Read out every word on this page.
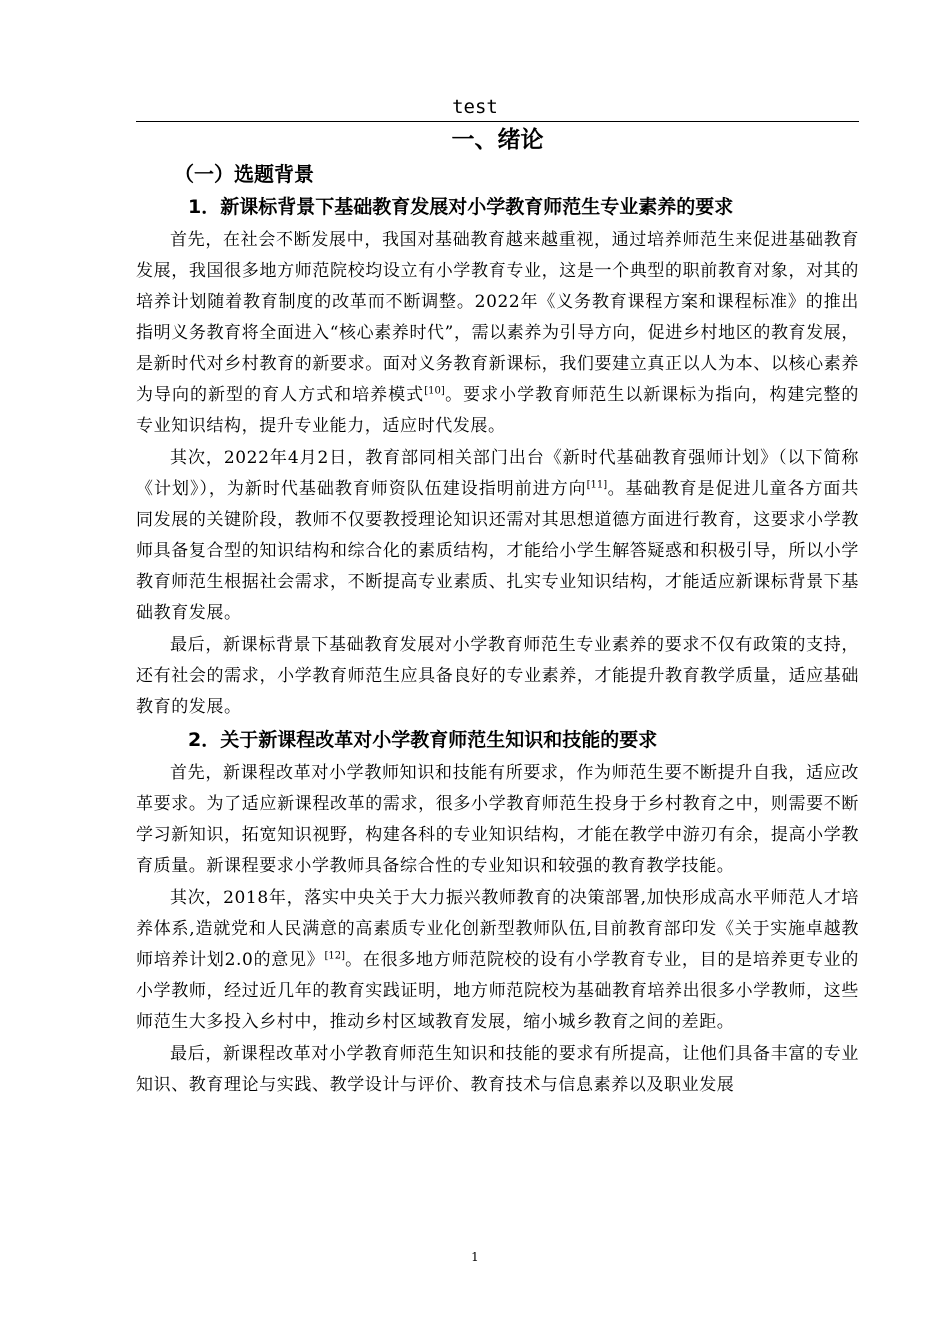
test
一、绪论
（一）选题背景
1．新课标背景下基础教育发展对小学教育师范生专业素养的要求

首先，在社会不断发展中，我国对基础教育越来越重视，通过培养师范生来促进基础教育发展，我国很多地方师范院校均设立有小学教育专业，这是一个典型的职前教育对象，对其的培养计划随着教育制度的改革而不断调整。2022年《义务教育课程方案和课程标准》的推出指明义务教育将全面进入“核心素养时代”，需以素养为引导方向，促进乡村地区的教育发展，是新时代对乡村教育的新要求。面对义务教育新课标，我们要建立真正以人为本、以核心素养为导向的新型的育人方式和培养模式[10]。要求小学教育师范生以新课标为指向，构建完整的专业知识结构，提升专业能力，适应时代发展。

其次，2022年4月2日，教育部同相关部门出台《新时代基础教育强师计划》（以下简称《计划》），为新时代基础教育师资队伍建设指明前进方向[11]。基础教育是促进儿童各方面共同发展的关键阶段，教师不仅要教授理论知识还需对其思想道德方面进行教育，这要求小学教师具备复合型的知识结构和综合化的素质结构，才能给小学生解答疑惑和积极引导，所以小学教育师范生根据社会需求，不断提高专业素质、扎实专业知识结构，才能适应新课标背景下基础教育发展。

最后，新课标背景下基础教育发展对小学教育师范生专业素养的要求不仅有政策的支持，还有社会的需求，小学教育师范生应具备良好的专业素养，才能提升教育教学质量，适应基础教育的发展。

2．关于新课程改革对小学教育师范生知识和技能的要求

首先，新课程改革对小学教师知识和技能有所要求，作为师范生要不断提升自我，适应改革要求。为了适应新课程改革的需求，很多小学教育师范生投身于乡村教育之中，则需要不断学习新知识，拓宽知识视野，构建各科的专业知识结构，才能在教学中游刃有余，提高小学教育质量。新课程要求小学教师具备综合性的专业知识和较强的教育教学技能。

其次，2018年，落实中央关于大力振兴教师教育的决策部署,加快形成高水平师范人才培养体系,造就党和人民满意的高素质专业化创新型教师队伍,目前教育部印发《关于实施卓越教师培养计划2.0的意见》[12]。在很多地方师范院校的设有小学教育专业，目的是培养更专业的小学教师，经过近几年的教育实践证明，地方师范院校为基础教育培养出很多小学教师，这些师范生大多投入乡村中，推动乡村区域教育发展，缩小城乡教育之间的差距。

最后，新课程改革对小学教育师范生知识和技能的要求有所提高，让他们具备丰富的专业知识、教育理论与实践、教学设计与评价、教育技术与信息素养以及职业发展

1
